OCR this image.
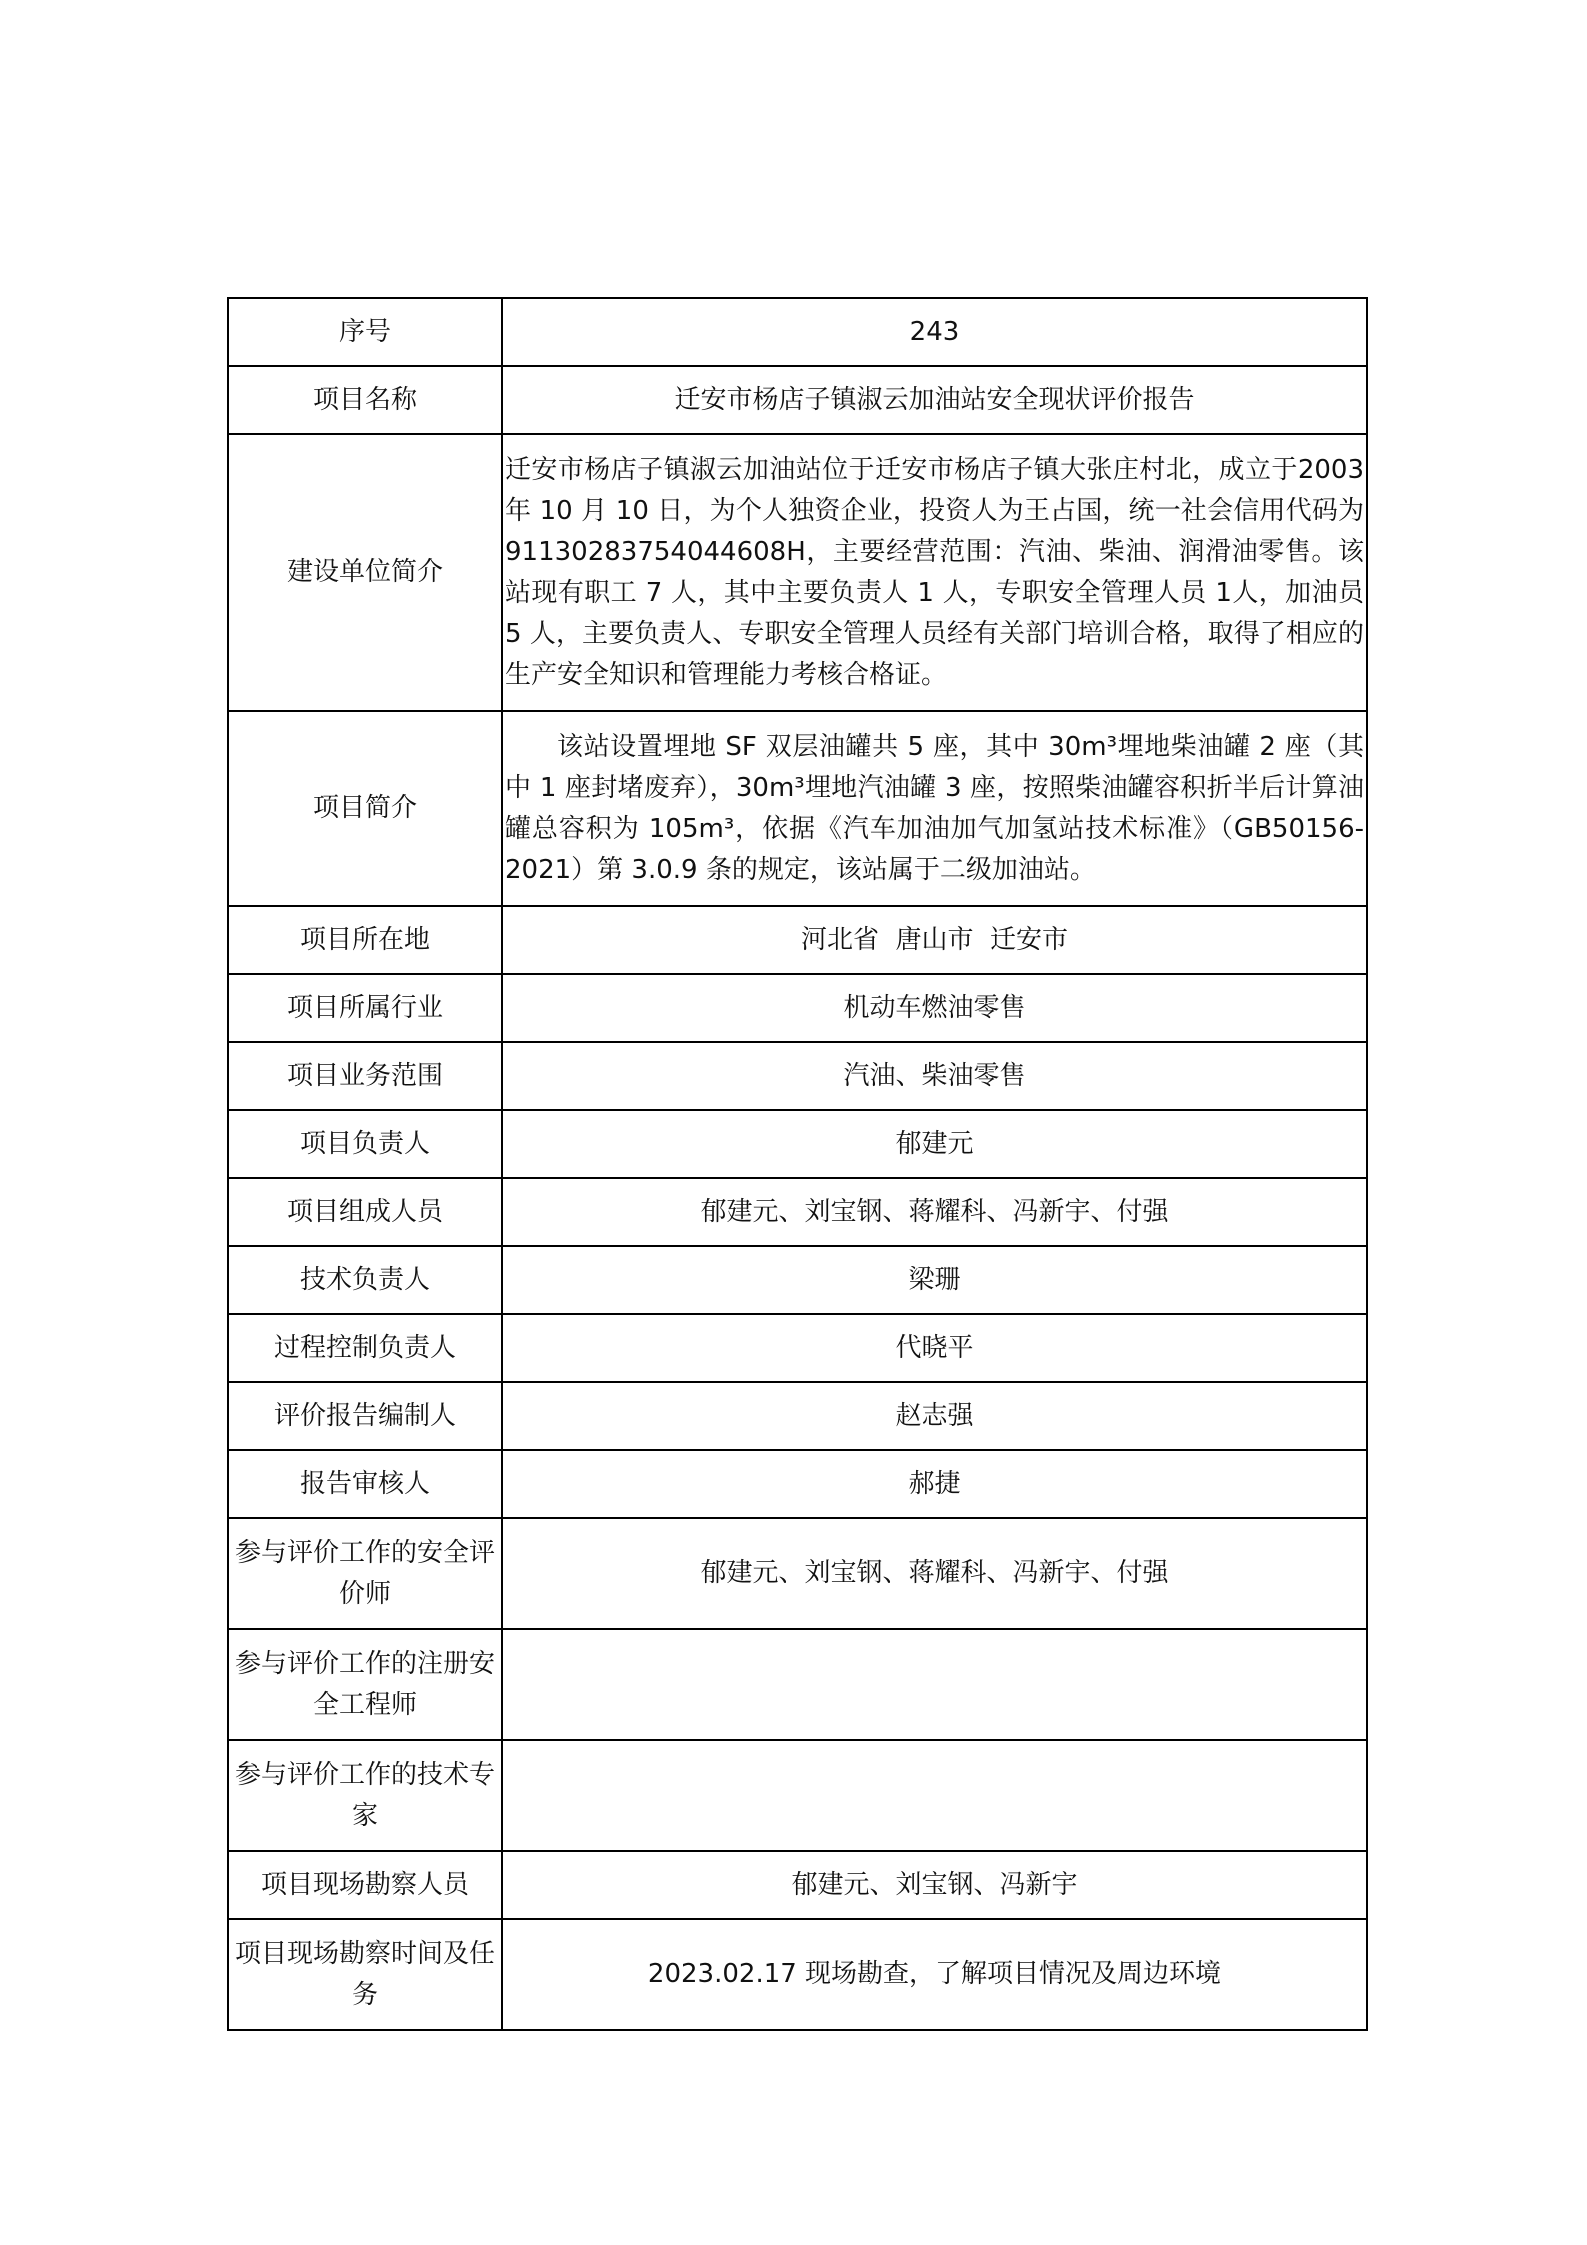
序号	243
项目名称	迁安市杨店子镇淑云加油站安全现状评价报告
建设单位简介	迁安市杨店子镇淑云加油站位于迁安市杨店子镇大张庄村北，成立于2003 年 10 月 10 日，为个人独资企业，投资人为王占国，统一社会信用代码为 91130283754044608H，主要经营范围：汽油、柴油、润滑油零售。该站现有职工 7 人，其中主要负责人 1 人，专职安全管理人员 1人，加油员 5 人，主要负责人、专职安全管理人员经有关部门培训合格，取得了相应的生产安全知识和管理能力考核合格证。

项目简介	该站设置埋地 SF 双层油罐共 5 座，其中 30m³埋地柴油罐 2 座（其中 1 座封堵废弃），30m³埋地汽油罐 3 座，按照柴油罐容积折半后计算油罐总容积为 105m³，依据《汽车加油加气加氢站技术标准》（GB50156-2021）第 3.0.9 条的规定，该站属于二级加油站。

项目所在地	河北省  唐山市  迁安市
项目所属行业	机动车燃油零售
项目业务范围	汽油、柴油零售
项目负责人	郁建元
项目组成人员	郁建元、刘宝钢、蒋耀科、冯新宇、付强
技术负责人	梁珊
过程控制负责人	代晓平
评价报告编制人	赵志强
报告审核人	郝捷
参与评价工作的安全评价师	郁建元、刘宝钢、蒋耀科、冯新宇、付强
参与评价工作的注册安全工程师	
参与评价工作的技术专家	
项目现场勘察人员	郁建元、刘宝钢、冯新宇
项目现场勘察时间及任务	2023.02.17 现场勘查，了解项目情况及周边环境
